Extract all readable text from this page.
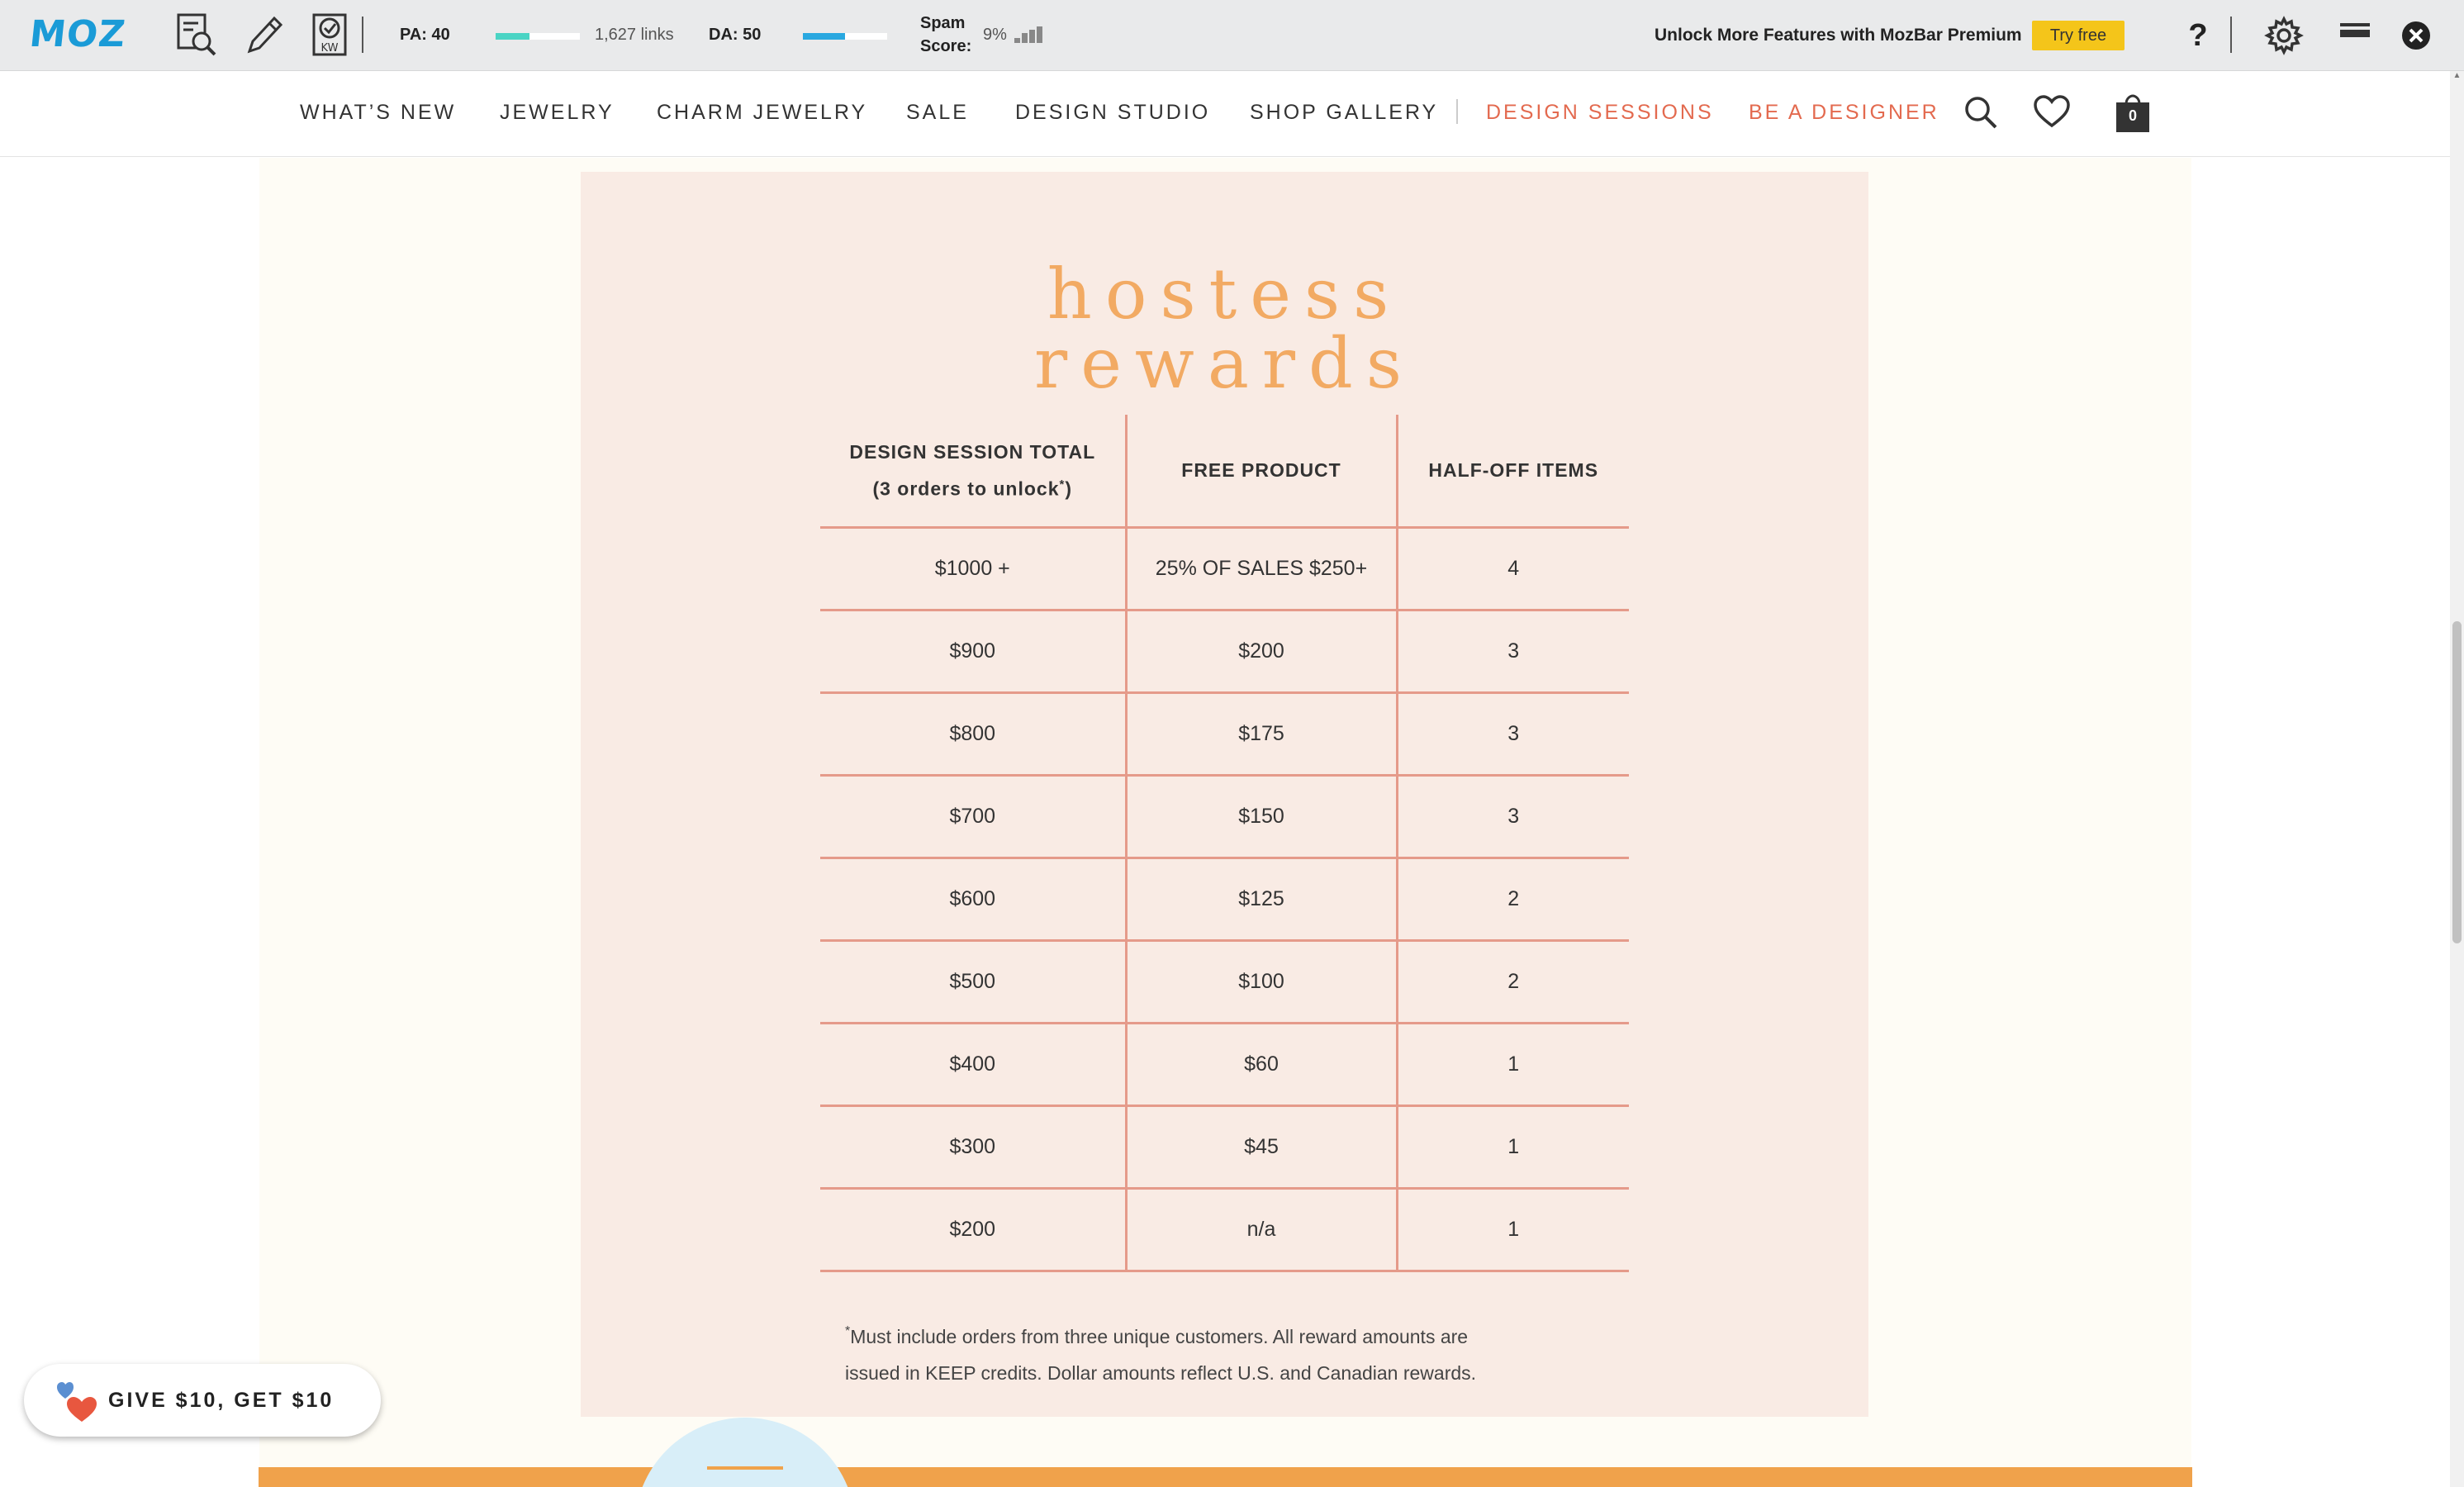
MOZ	KW
PA: 40	1,627 links DA: 50
Spam
Score:
9%	Unlock More Features with MozBar Premium	Try free	?
WHAT’S NEW JEWELRY CHARM JEWELRY SALE DESIGN STUDIO SHOP GALLERY DESIGN SESSIONS BE A DESIGNER	0
hostess
rewards
DESIGN SESSION TOTAL
(3 orders to unlock*)	FREE PRODUCT	HALF-OFF ITEMS
$1000 +	25% OF SALES $250+	4
$900	$200	3
$800	$175	3
$700	$150	3
$600	$125	2
$500	$100	2
$400	$60	1
$300	$45	1
$200	n/a	1
*Must include orders from three unique customers. All reward amounts are
issued in KEEP credits. Dollar amounts reflect U.S. and Canadian rewards.
GIVE $10, GET $10
▲
